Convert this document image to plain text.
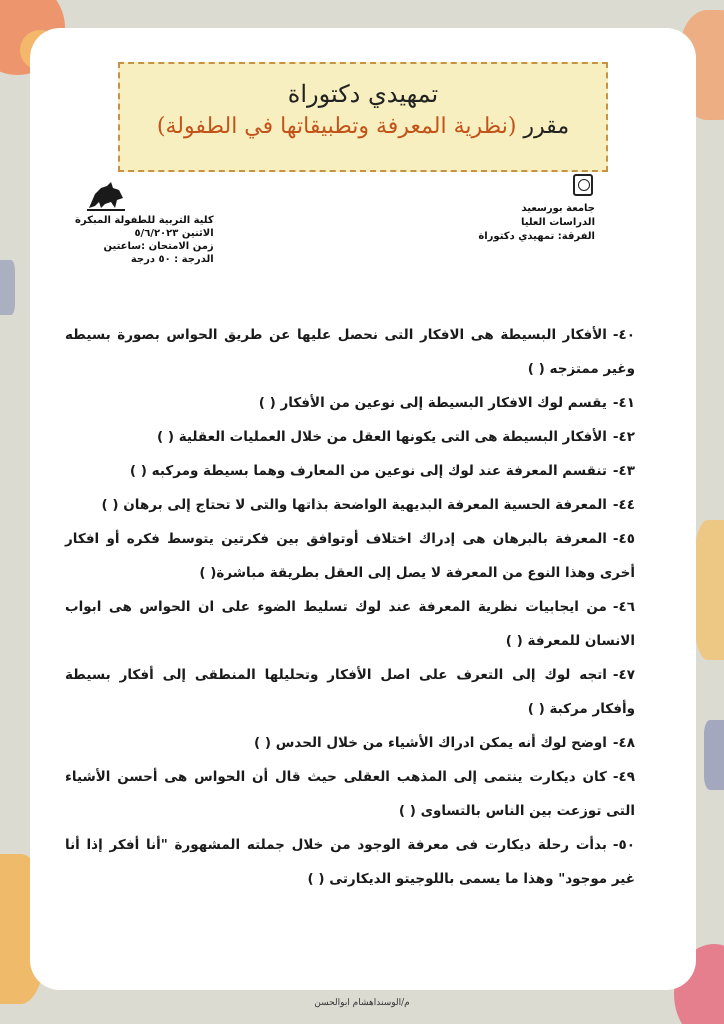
تمهيدي دكتوراة
مقرر (نظرية المعرفة وتطبيقاتها في الطفولة)
جامعة بورسعيد
الدراسات العليا
الفرقة: تمهيدي دكتوراة
كلية التربية للطفولة المبكرة
الاثنين ٥/٦/٢٠٢٣
زمن الامتحان :ساعتين
الدرجة : ٥٠ درجة
٤٠-الأفكار البسيطة هى الافكار التى نحصل عليها عن طريق الحواس بصورة بسيطه وغير ممتزجه ( )
٤١-يقسم لوك الافكار البسيطة إلى نوعين من الأفكار ( )
٤٢-الأفكار البسيطة هى التى يكونها العقل من خلال العمليات العقلية ( )
٤٣-تنقسم المعرفة عند لوك إلى نوعين من المعارف وهما بسيطة ومركبه ( )
٤٤-المعرفة الحسية المعرفة البديهية الواضحة بذاتها والتى لا تحتاج إلى برهان ( )
٤٥-المعرفة بالبرهان هى إدراك اختلاف أوتوافق بين فكرتين يتوسط فكره أو افكار أخرى وهذا النوع من المعرفة لا يصل إلى العقل بطريقة مباشرة( )
٤٦-من ايجابيات نظرية المعرفة عند لوك تسليط الضوء على ان الحواس هى ابواب الانسان للمعرفة ( )
٤٧-اتجه لوك إلى التعرف على اصل الأفكار وتحليلها المنطقى إلى أفكار بسيطة وأفكار مركبة ( )
٤٨-اوضح لوك أنه يمكن ادراك الأشياء من خلال الحدس ( )
٤٩-كان ديكارت ينتمى إلى المذهب العقلى حيث قال أن الحواس هى أحسن الأشياء التى توزعت بين الناس بالتساوى ( )
٥٠-بدأت رحلة ديكارت فى معرفة الوجود من خلال جملته المشهورة "أنا أفكر إذا أنا غير موجود" وهذا ما يسمى باللوجيتو الديكارتى ( )
م/الوسنداهشام ابوالحسن
